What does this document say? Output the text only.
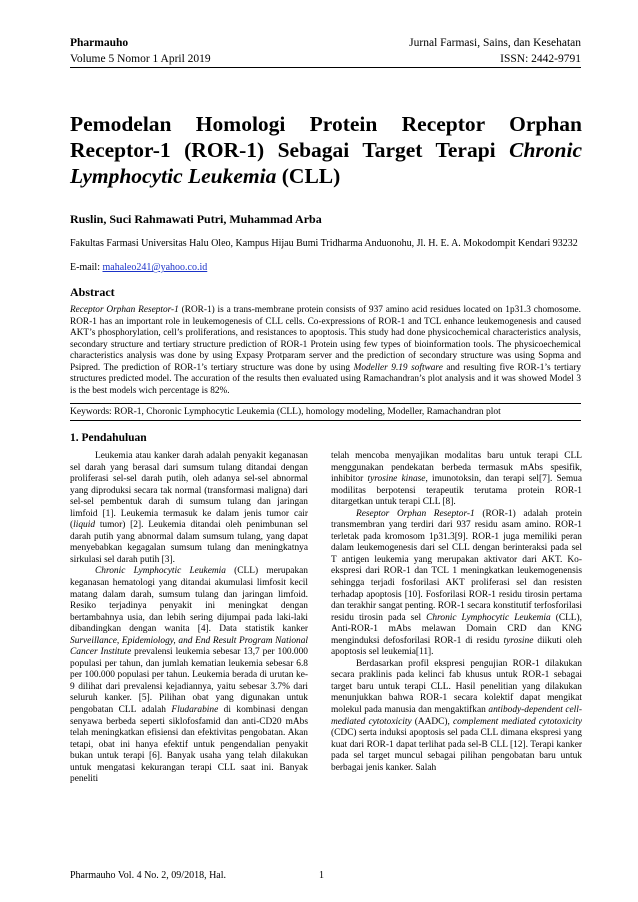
Pharmauho	Jurnal Farmasi, Sains, dan Kesehatan
Volume 5 Nomor 1 April 2019	ISSN: 2442-9791
Pemodelan Homologi Protein Receptor Orphan
Receptor-1 (ROR-1) Sebagai Target Terapi Chronic
Lymphocytic Leukemia (CLL)
Ruslin, Suci Rahmawati Putri, Muhammad Arba
Fakultas Farmasi Universitas Halu Oleo, Kampus Hijau Bumi Tridharma Anduonohu, Jl. H. E. A. Mokodompit Kendari 93232
E-mail: mahaleo241@yahoo.co.id
Abstract

Receptor Orphan Reseptor-1 (ROR-1) is a trans-membrane protein consists of 937 amino acid residues located on 1p31.3 chomosome. ROR-1 has an important role in leukemogenesis of CLL cells. Co-expressions of ROR-1 and TCL enhance leukemogenesis and caused AKT’s phosphorylation, cell’s proliferations, and resistances to apoptosis. This study had done physicochemical characteristics analysis, secondary structure and tertiary structure prediction of ROR-1 Protein using few types of bioinformation tools. The physicoechemical characteristics analysis was done by using Expasy Protparam server and the prediction of secondary structure was using Sopma and Psipred. The prediction of ROR-1’s tertiary structure was done by using Modeller 9.19 software and resulting five ROR-1’s tertiary structures predicted model. The accuration of the results then evaluated using Ramachandran’s plot analysis and it was showed Model 3 is the best models wich percentage is 82%.

Keywords: ROR-1, Choronic Lymphocytic Leukemia (CLL), homology modeling, Modeller, Ramachandran plot
1. Pendahuluan

Leukemia atau kanker darah adalah penyakit keganasan sel darah yang berasal dari sumsum tulang ditandai dengan proliferasi sel-sel darah putih, oleh adanya sel-sel abnormal yang diproduksi secara tak normal (transformasi maligna) dari sel-sel pembentuk darah di sumsum tulang dan jaringan limfoid [1]. Leukemia termasuk ke dalam jenis tumor cair (liquid tumor) [2]. Leukemia ditandai oleh penimbunan sel darah putih yang abnormal dalam sumsum tulang, yang dapat menyebabkan kegagalan sumsum tulang dan meningkatnya sirkulasi sel darah putih [3].

Chronic Lymphocytic Leukemia (CLL) merupakan keganasan hematologi yang ditandai akumulasi limfosit kecil matang dalam darah, sumsum tulang dan jaringan limfoid. Resiko terjadinya penyakit ini meningkat dengan bertambahnya usia, dan lebih sering dijumpai pada laki-laki dibandingkan dengan wanita [4]. Data statistik kanker Surveillance, Epidemiology, and End Result Program National Cancer Institute prevalensi leukemia sebesar 13,7 per 100.000 populasi per tahun, dan jumlah kematian leukemia sebesar 6.8 per 100.000 populasi per tahun. Leukemia berada di urutan ke-9 dilihat dari prevalensi kejadiannya, yaitu sebesar 3.7% dari seluruh kanker. [5]. Pilihan obat yang digunakan untuk pengobatan CLL adalah Fludarabine di kombinasi dengan senyawa berbeda seperti siklofosfamid dan anti-CD20 mAbs telah meningkatkan efisiensi dan efektivitas pengobatan. Akan tetapi, obat ini hanya efektif untuk pengendalian penyakit bukan untuk terapi [6]. Banyak usaha yang telah dilakukan untuk mengatasi kekurangan terapi CLL saat ini. Banyak peneliti

telah mencoba menyajikan modalitas baru untuk terapi CLL menggunakan pendekatan berbeda termasuk mAbs spesifik, inhibitor tyrosine kinase, imunotoksin, dan terapi sel[7]. Semua modilitas berpotensi terapeutik terutama protein ROR-1 ditargetkan untuk terapi CLL [8].

Reseptor Orphan Reseptor-1 (ROR-1) adalah protein transmembran yang terdiri dari 937 residu asam amino. ROR-1 terletak pada kromosom 1p31.3[9]. ROR-1 juga memiliki peran dalam leukemogenesis dari sel CLL dengan berinteraksi pada sel T antigen leukemia yang merupakan aktivator dari AKT. Ko-ekspresi dari ROR-1 dan TCL 1 meningkatkan leukemogenensis sehingga terjadi fosforilasi AKT proliferasi sel dan resisten terhadap apoptosis [10]. Fosforilasi ROR-1 residu tirosin pertama dan terakhir sangat penting. ROR-1 secara konstitutif terfosforilasi residu tirosin pada sel Chronic Lymphocytic Leukemia (CLL), Anti-ROR-1 mAbs melawan Domain CRD dan KNG menginduksi defosforilasi ROR-1 di residu tyrosine diikuti oleh apoptosis sel leukemia[11].

Berdasarkan profil ekspresi pengujian ROR-1 dilakukan secara praklinis pada kelinci fab khusus untuk ROR-1 sebagai target baru untuk terapi CLL. Hasil penelitian yang dilakukan menunjukkan bahwa ROR-1 secara kolektif dapat mengikat molekul pada manusia dan mengaktifkan antibody-dependent cell-mediated cytotoxicity (AADC), complement mediated cytotoxicity (CDC) serta induksi apoptosis sel pada CLL dimana ekspresi yang kuat dari ROR-1 dapat terlihat pada sel-B CLL [12]. Terapi kanker pada sel target muncul sebagai pilihan pengobatan baru untuk berbagai jenis kanker. Salah

Pharmauho Vol. 4 No. 2, 09/2018, Hal.	1
